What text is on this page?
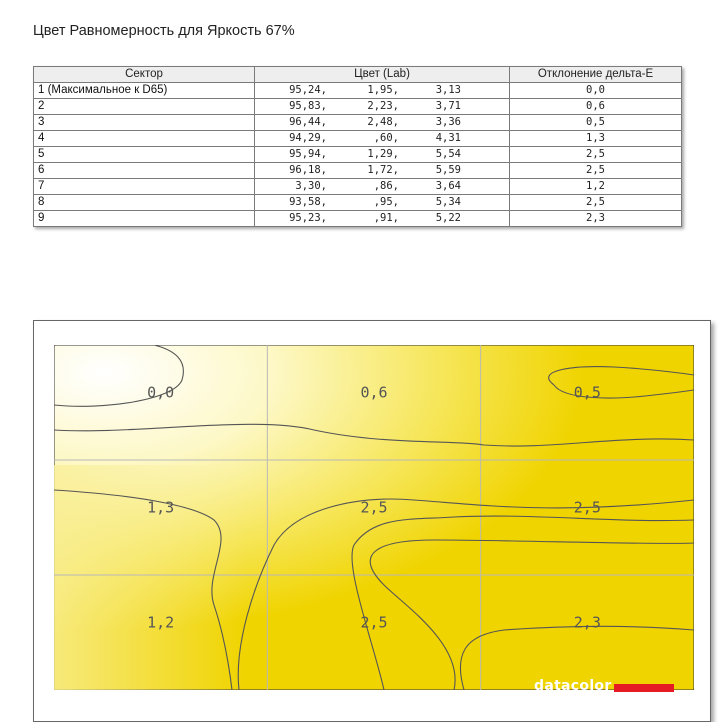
Цвет Равномерность для Яркость 67%
Сектор	Цвет (Lab)	Отклонение дельта-E
1 (Максимальное к D65)	95,24, 1,95, 3,13	0,0
2	95,83, 2,23, 3,71	0,6
3	96,44, 2,48, 3,36	0,5
4	94,29, ,60, 4,31	1,3
5	95,94, 1,29, 5,54	2,5
6	96,18, 1,72, 5,59	2,5
7	3,30, ,86, 3,64	1,2
8	93,58, ,95, 5,34	2,5
9	95,23, ,91, 5,22	2,3
0,0	0,6	0,5
1,3	2,5	2,5
1,2	2,5	2,3
datacolor
